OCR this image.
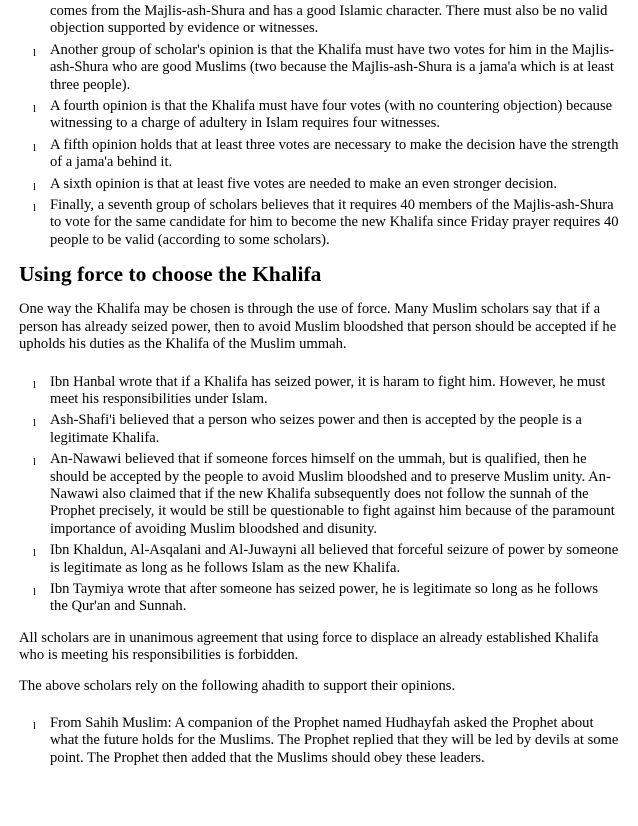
comes from the Majlis-ash-Shura and has a good Islamic character. There must also be no valid objection supported by evidence or witnesses.
l Another group of scholar's opinion is that the Khalifa must have two votes for him in the Majlis-ash-Shura who are good Muslims (two because the Majlis-ash-Shura is a jama'a which is at least three people).
l A fourth opinion is that the Khalifa must have four votes (with no countering objection) because witnessing to a charge of adultery in Islam requires four witnesses.
l A fifth opinion holds that at least three votes are necessary to make the decision have the strength of a jama'a behind it.
l A sixth opinion is that at least five votes are needed to make an even stronger decision.
l Finally, a seventh group of scholars believes that it requires 40 members of the Majlis-ash-Shura to vote for the same candidate for him to become the new Khalifa since Friday prayer requires 40 people to be valid (according to some scholars).
Using force to choose the Khalifa

One way the Khalifa may be chosen is through the use of force. Many Muslim scholars say that if a person has already seized power, then to avoid Muslim bloodshed that person should be accepted if he upholds his duties as the Khalifa of the Muslim ummah.

l Ibn Hanbal wrote that if a Khalifa has seized power, it is haram to fight him. However, he must meet his responsibilities under Islam.
l Ash-Shafi'i believed that a person who seizes power and then is accepted by the people is a legitimate Khalifa.
l An-Nawawi believed that if someone forces himself on the ummah, but is qualified, then he should be accepted by the people to avoid Muslim bloodshed and to preserve Muslim unity. An-Nawawi also claimed that if the new Khalifa subsequently does not follow the sunnah of the Prophet precisely, it would be still be questionable to fight against him because of the paramount importance of avoiding Muslim bloodshed and disunity.
l Ibn Khaldun, Al-Asqalani and Al-Juwayni all believed that forceful seizure of power by someone is legitimate as long as he follows Islam as the new Khalifa.
l Ibn Taymiya wrote that after someone has seized power, he is legitimate so long as he follows the Qur'an and Sunnah.

All scholars are in unanimous agreement that using force to displace an already established Khalifa who is meeting his responsibilities is forbidden.

The above scholars rely on the following ahadith to support their opinions.

l From Sahih Muslim: A companion of the Prophet named Hudhayfah asked the Prophet about what the future holds for the Muslims. The Prophet replied that they will be led by devils at some point. The Prophet then added that the Muslims should obey these leaders.
